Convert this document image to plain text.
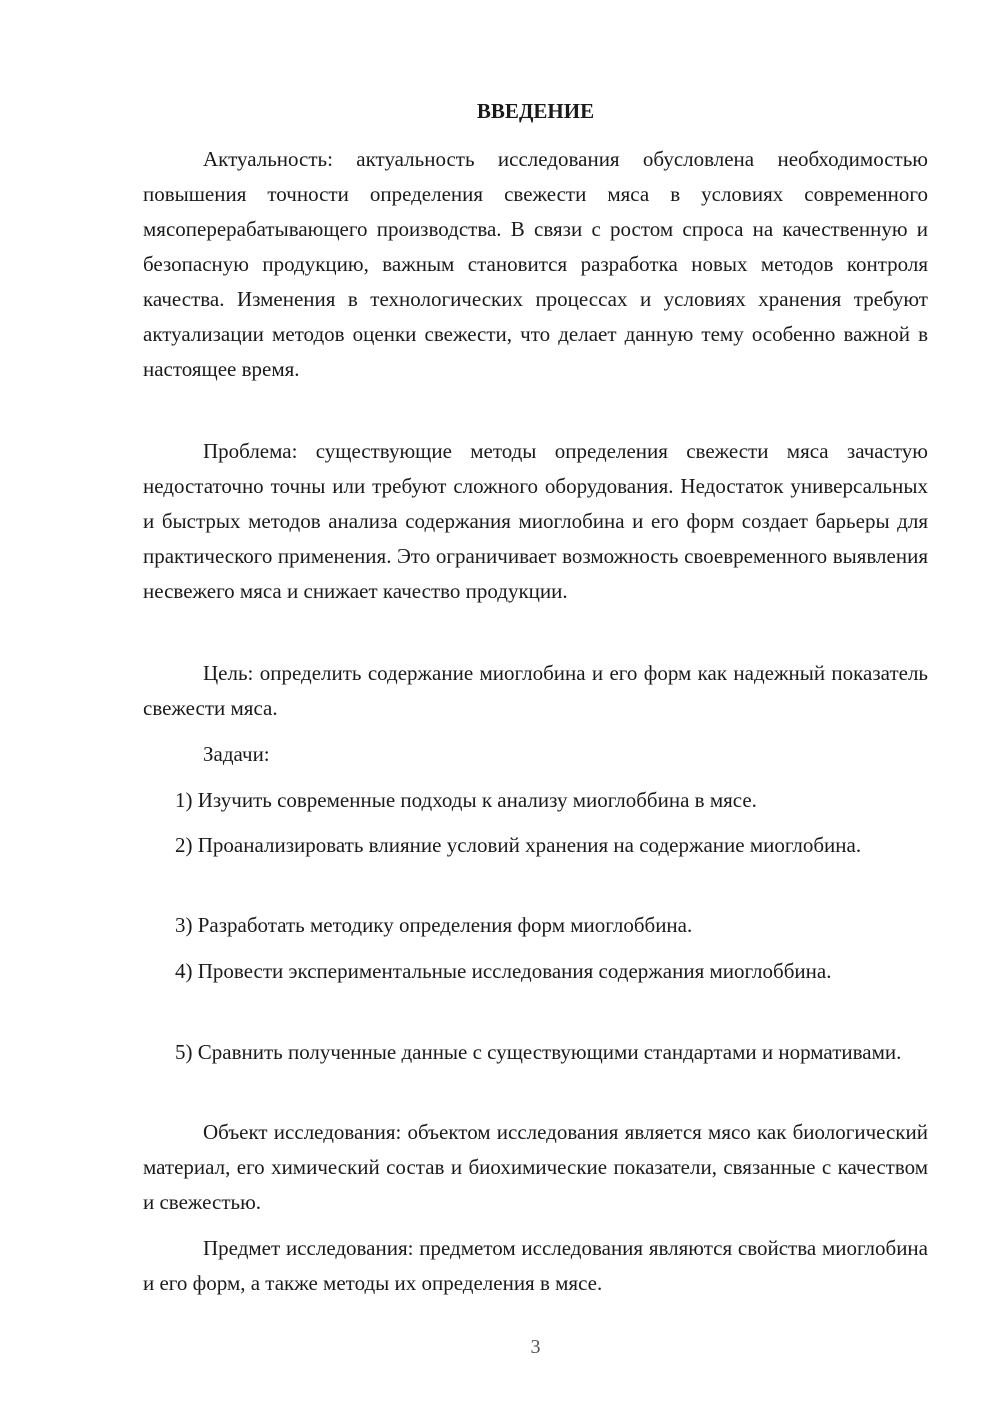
ВВЕДЕНИЕ

Актуальность: актуальность исследования обусловлена необходимостью повышения точности определения свежести мяса в условиях современного мясоперерабатывающего производства. В связи с ростом спроса на качественную и безопасную продукцию, важным становится разработка новых методов контроля качества. Изменения в технологических процессах и условиях хранения требуют актуализации методов оценки свежести, что делает данную тему особенно важной в настоящее время.

Проблема: существующие методы определения свежести мяса зачастую недостаточно точны или требуют сложного оборудования. Недостаток универсальных и быстрых методов анализа содержания миоглобина и его форм создает барьеры для практического применения. Это ограничивает возможность своевременного выявления несвежего мяса и снижает качество продукции.

Цель: определить содержание миоглобина и его форм как надежный показатель свежести мяса.

Задачи:

1) Изучить современные подходы к анализу миоглоббина в мясе.

2) Проанализировать влияние условий хранения на содержание миоглобина.

3) Разработать методику определения форм миоглоббина.

4) Провести экспериментальные исследования содержания миоглоббина.

5) Сравнить полученные данные с существующими стандартами и нормативами.

Объект исследования: объектом исследования является мясо как биологический материал, его химический состав и биохимические показатели, связанные с качеством и свежестью.

Предмет исследования: предметом исследования являются свойства миоглобина и его форм, а также методы их определения в мясе.

3
